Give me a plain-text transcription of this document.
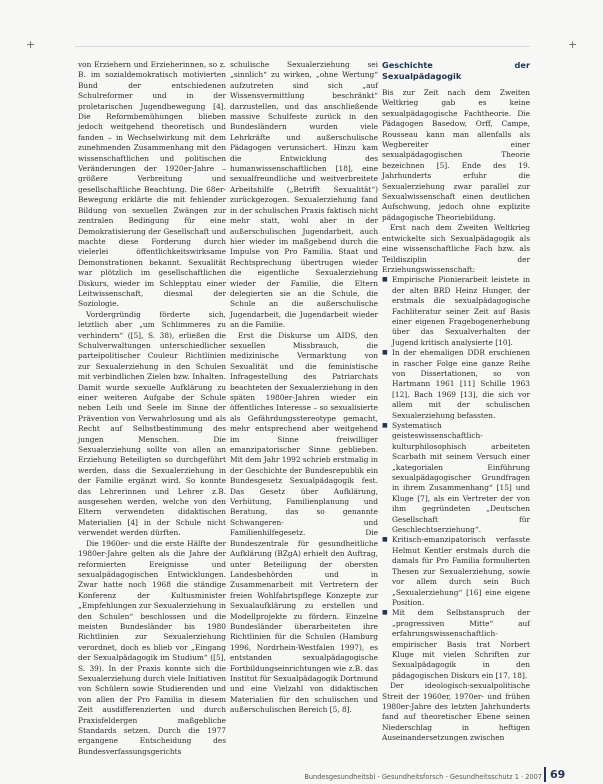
+	+

von Erziehern und Erzieherinnen, so z. B. im sozialdemokratisch motivierten Bund der entschiedenen Schulreformer und in der proletarischen Jugendbewegung [4]. Die Reformbemühungen blieben jedoch weitgehend theoretisch und fanden – in Wechselwirkung mit dem zunehmenden Zusammenhang mit den wissenschaftlichen und politischen Veränderungen der 1920er-Jahre – größere Verbreitung und gesellschaftliche Beachtung. Die 68er-Bewegung erklärte die mit fehlender Bildung von sexuellen Zwängen zur zentralen Bedingung für eine Demokratisierung der Gesellschaft und machte diese Forderung durch vielerlei öffentlichkeitswirksame Demonstrationen bekannt. Sexualität war plötzlich im gesellschaftlichen Diskurs, wieder im Schlepptau einer Leitwissenschaft, diesmal der Soziologie.

Vordergründig förderte sich, letztlich aber „um Schlimmeres zu verhindern“ ([5], S. 38), erließen die Schulverwaltungen unterschiedlicher parteipolitischer Couleur Richtlinien zur Sexualerziehung in den Schulen mit verbindlichen Zielen bzw. Inhalten. Damit wurde sexuelle Aufklärung zu einer weiteren Aufgabe der Schule neben Leib und Seele im Sinne der Prävention von Verwahrlosung und als Recht auf Selbstbestimmung des jungen Menschen. Die Sexualerziehung sollte von allen an Erziehung Beteiligten so durchgeführt werden, dass die Sexualerziehung in der Familie ergänzt wird. So konnte das Lehrerinnen und Lehrer z.B. ausgesehen werden, welche von den Eltern verwendeten didaktischen Materialien [4] in der Schule nicht verwendet werden dürften.

Die 1960er- und die erste Hälfte der 1980er-Jahre gelten als die Jahre der reformierten Ereignisse und sexualpädagogischen Entwicklungen. Zwar hatte noch 1968 die ständige Konferenz der Kultusminister „Empfehlungen zur Sexualerziehung in den Schulen“ beschlossen und die meisten Bundesländer bis 1980 Richtlinien zur Sexualerziehung verordnet, doch es blieb vor „Eingang der Sexualpädagogik im Studium“ ([5], S. 39). In der Praxis konnte sich die Sexualerziehung durch viele Initiativen von Schülern sowie Studierenden und von allen der Pro Familia in diesem Zeit ausdifferenzierten und durch Praxisfeldergen maßgebliche Standards setzen. Durch die 1977 ergangene Entscheidung des Bundesverfassungsgerichts

schulische Sexualerziehung sei „sinnlich“ zu wirken, „ohne Wertung“ aufzutreten sind sich „auf Wissensvermittlung beschränkt“ darzustellen, und das anschließende massive Schulfeste zurück in den Bundesländern wurden viele Lehrkräfte und außerschulische Pädagogen verunsichert. Hinzu kam die Entwicklung des humanwissenschaftlichen [18], eine sexualfreundliche und weitverbreitete Arbeitshilfe („Betrifft Sexualität“) zurückgezogen. Sexualerziehung fand in der schulischen Praxis faktisch nicht mehr statt, wohl aber in der außerschulischen Jugendarbeit, auch hier wieder im maßgebend durch die Impulse von Pro Familia. Staat und Rechtsprechung übertrugen wieder die eigentliche Sexualerziehung wieder der Familie, die Eltern delegierten sie an die Schule, die Schule an die außerschulische Jugendarbeit, die Jugendarbeit wieder an die Familie.

Erst die Diskurse um AIDS, den sexuellen Missbrauch, die medizinische Vermarktung von Sexualität und die feministische Infragestellung des Patriarchats beachteten der Sexualerziehung in den späten 1980er-Jahren wieder ein öffentliches Interesse – so sexualisierte als Gefährdungsstereotype gemacht, mehr entsprechend aber weitgehend im Sinne freiwilliger emanzipatorischer Sinne geblieben. Mit dem Jahr 1992 schrieb erstmalig in der Geschichte der Bundesrepublik ein Bundesgesetz Sexualpädagogik fest. Das Gesetz über Aufklärung, Verhütung, Familienplanung und Beratung, das so genannte Schwangeren- und Familienhilfegesetz. Die Bundeszentrale für gesundheitliche Aufklärung (BZgA) erhielt den Auftrag, unter Beteiligung der obersten Landesbehörden und in Zusammenarbeit mit Vertretern der freien Wohlfahrtspflege Konzepte zur Sexualaufklärung zu erstellen und Modellprojekte zu fördern. Einzelne Bundesländer überarbeiteten ihre Richtlinien für die Schulen (Hamburg 1996, Nordrhein-Westfalen 1997), es entstanden sexualpädagogische Fortbildungseinrichtungen wie z.B. das Institut für Sexualpädagogik Dortmund und eine Vielzahl von didaktischen Materialien für den schulischen und außerschulischen Bereich [5, 8].

Geschichte der Sexualpädagogik

Bis zur Zeit nach dem Zweiten Weltkrieg gab es keine sexualpädagogische Fachtheorie. Die Pädagogen Basedow, Orff, Campe, Rousseau kann man allenfalls als Wegbereiter einer sexualpädagogischen Theorie bezeichnen [5]. Ende des 19. Jahrhunderts erfuhr die Sexualerziehung zwar parallel zur Sexualwissenschaft einen deutlichen Aufschwung, jedoch ohne explizite pädagogische Theoriebildung.

Erst nach dem Zweiten Weltkrieg entwickelte sich Sexualpädagogik als eine wissenschaftliche Fach bzw. als Teildisziplin der Erziehungswissenschaft:

■ Empirische Pionierarbeit leistete in der alten BRD Heinz Hunger, der erstmals die sexualpädagogische Fachliteratur seiner Zeit auf Basis einer eigenen Fragebogenerhebung über das Sexualverhalten der Jugend kritisch analysierte [10].
■ In der ehemaligen DDR erschienen in rascher Folge eine ganze Reihe von Dissertationen, so von Hartmann 1961 [11] Schille 1963 [12], Bach 1969 [13], die sich vor allem mit der schulischen Sexualerziehung befassten.
■ Systematisch geisteswissenschaftlich-kulturphilosophisch arbeiteten Scarbath mit seinem Versuch einer „kategorialen Einführung sexualpädagogischer Grundfragen in ihrem Zusammenhang“ [15] und Kluge [7], als ein Vertreter der von ihm gegründeten „Deutschen Gesellschaft für Geschlechtserziehung“.
■ Kritisch-emanzipatorisch verfasste Helmut Kentler erstmals durch die damals für Pro Familia formulierten Thesen zur Sexualerziehung, sowie vor allem durch sein Buch „Sexualerziehung“ [16] eine eigene Position.
■ Mit dem Selbstanspruch der „progressiven Mitte“ auf erfahrungswissenschaftlich-empirischer Basis trat Norbert Kluge mit vielen Schriften zur Sexualpädagogik in den pädagogischen Diskurs ein [17, 18].

Der ideologisch-sexualpolitische Streit der 1960er, 1970er- und frühen 1980er-Jahre des letzten Jahrhunderts fand auf theoretischer Ebene seinen Niederschlag in heftigen Auseinandersetzungen zwischen

Bundesgesundheitsbl - Gesundheitsforsch - Gesundheitsschutz 1 · 2007 69
